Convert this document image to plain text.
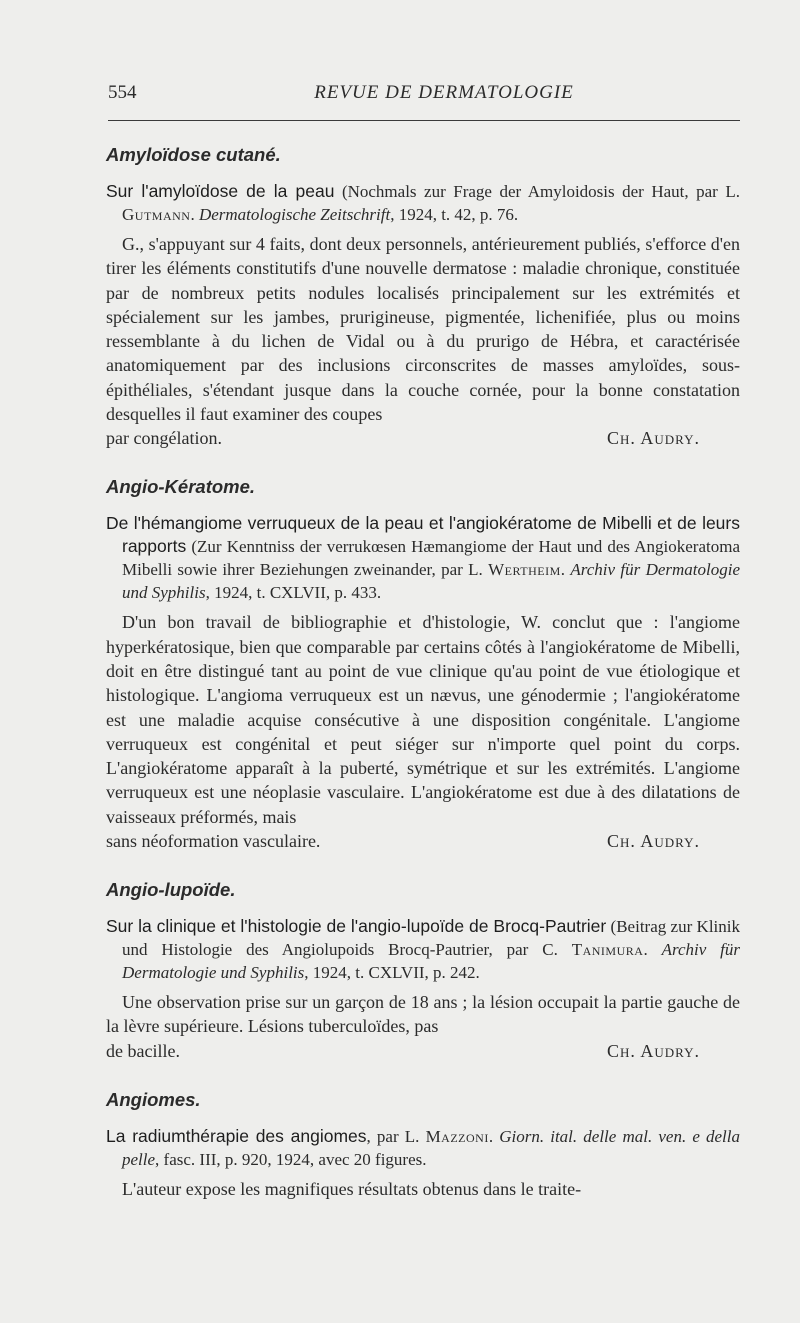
554	REVUE DE DERMATOLOGIE
Amyloïdose cutané.

Sur l'amyloïdose de la peau (Nochmals zur Frage der Amyloidosis der Haut, par L. Gutmann. Dermatologische Zeitschrift, 1924, t. 42, p. 76.

G., s'appuyant sur 4 faits, dont deux personnels, antérieurement publiés, s'efforce d'en tirer les éléments constitutifs d'une nouvelle dermatose : maladie chronique, constituée par de nombreux petits nodules localisés principalement sur les extrémités et spécialement sur les jambes, prurigineuse, pigmentée, lichenifiée, plus ou moins ressemblante à du lichen de Vidal ou à du prurigo de Hébra, et caractérisée anatomiquement par des inclusions circonscrites de masses amyloïdes, sous-épithéliales, s'étendant jusque dans la couche cornée, pour la bonne constatation desquelles il faut examiner des coupes

par congélation.	Ch. Audry.
Angio-Kératome.

De l'hémangiome verruqueux de la peau et l'angiokératome de Mibelli et de leurs rapports (Zur Kenntniss der verrukœsen Hæmangiome der Haut und des Angiokeratoma Mibelli sowie ihrer Beziehungen zweinander, par L. Wertheim. Archiv für Dermatologie und Syphilis, 1924, t. CXLVII, p. 433.

D'un bon travail de bibliographie et d'histologie, W. conclut que : l'angiome hyperkératosique, bien que comparable par certains côtés à l'angiokératome de Mibelli, doit en être distingué tant au point de vue clinique qu'au point de vue étiologique et histologique. L'angioma verruqueux est un nævus, une génodermie ; l'angiokératome est une maladie acquise consécutive à une disposition congénitale. L'angiome verruqueux est congénital et peut siéger sur n'importe quel point du corps. L'angiokératome apparaît à la puberté, symétrique et sur les extrémités. L'angiome verruqueux est une néoplasie vasculaire. L'angiokératome est due à des dilatations de vaisseaux préformés, mais

sans néoformation vasculaire.	Ch. Audry.
Angio-lupoïde.

Sur la clinique et l'histologie de l'angio-lupoïde de Brocq-Pautrier (Beitrag zur Klinik und Histologie des Angiolupoids Brocq-Pautrier, par C. Tanimura. Archiv für Dermatologie und Syphilis, 1924, t. CXLVII, p. 242.

Une observation prise sur un garçon de 18 ans ; la lésion occupait la partie gauche de la lèvre supérieure. Lésions tuberculoïdes, pas

de bacille.	Ch. Audry.
Angiomes.

La radiumthérapie des angiomes, par L. Mazzoni. Giorn. ital. delle mal. ven. e della pelle, fasc. III, p. 920, 1924, avec 20 figures.

L'auteur expose les magnifiques résultats obtenus dans le traite-
